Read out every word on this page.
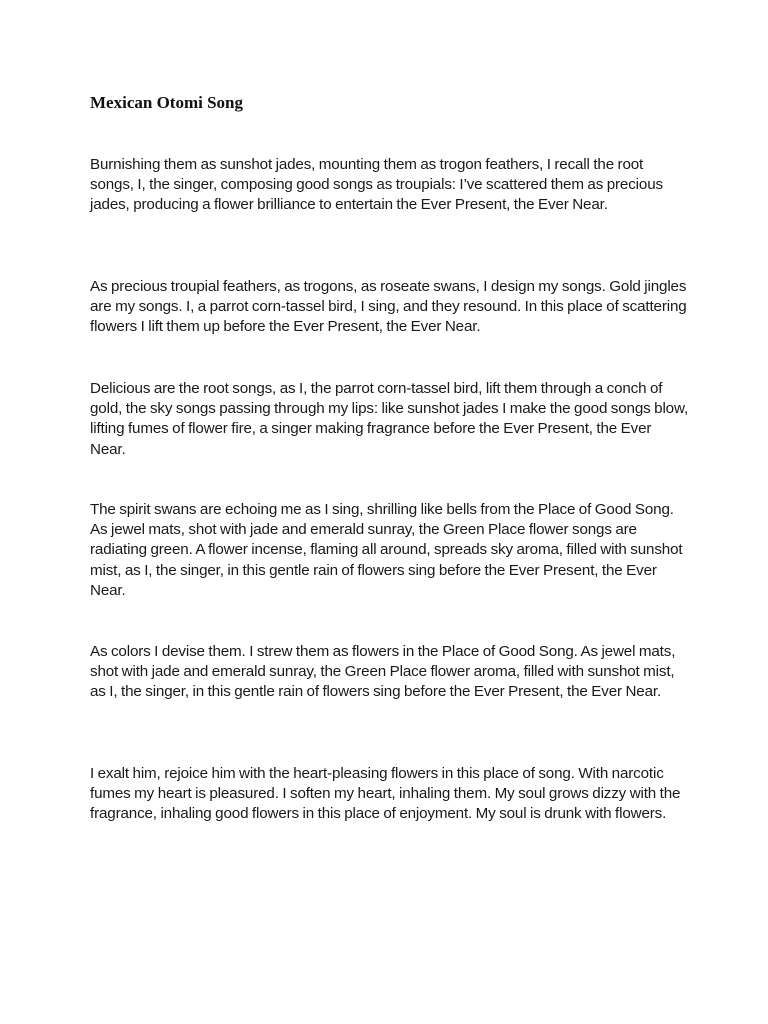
Mexican Otomi Song

Burnishing them as sunshot jades, mounting them as trogon feathers, I recall the root songs, I, the singer, composing good songs as troupials: I’ve scattered them as precious jades, producing a flower brilliance to entertain the Ever Present, the Ever Near.

As precious troupial feathers, as trogons, as roseate swans, I design my songs. Gold jingles are my songs. I, a parrot corn-tassel bird, I sing, and they resound. In this place of scattering flowers I lift them up before the Ever Present, the Ever Near.

Delicious are the root songs, as I, the parrot corn-tassel bird, lift them through a conch of gold, the sky songs passing through my lips: like sunshot jades I make the good songs blow, lifting fumes of flower fire, a singer making fragrance before the Ever Present, the Ever Near.

The spirit swans are echoing me as I sing, shrilling like bells from the Place of Good Song. As jewel mats, shot with jade and emerald sunray, the Green Place flower songs are radiating green. A flower incense, flaming all around, spreads sky aroma, filled with sunshot mist, as I, the singer, in this gentle rain of flowers sing before the Ever Present, the Ever Near.

As colors I devise them. I strew them as flowers in the Place of Good Song. As jewel mats, shot with jade and emerald sunray, the Green Place flower aroma, filled with sunshot mist, as I, the singer, in this gentle rain of flowers sing before the Ever Present, the Ever Near.

I exalt him, rejoice him with the heart-pleasing flowers in this place of song. With narcotic fumes my heart is pleasured. I soften my heart, inhaling them. My soul grows dizzy with the fragrance, inhaling good flowers in this place of enjoyment. My soul is drunk with flowers.
